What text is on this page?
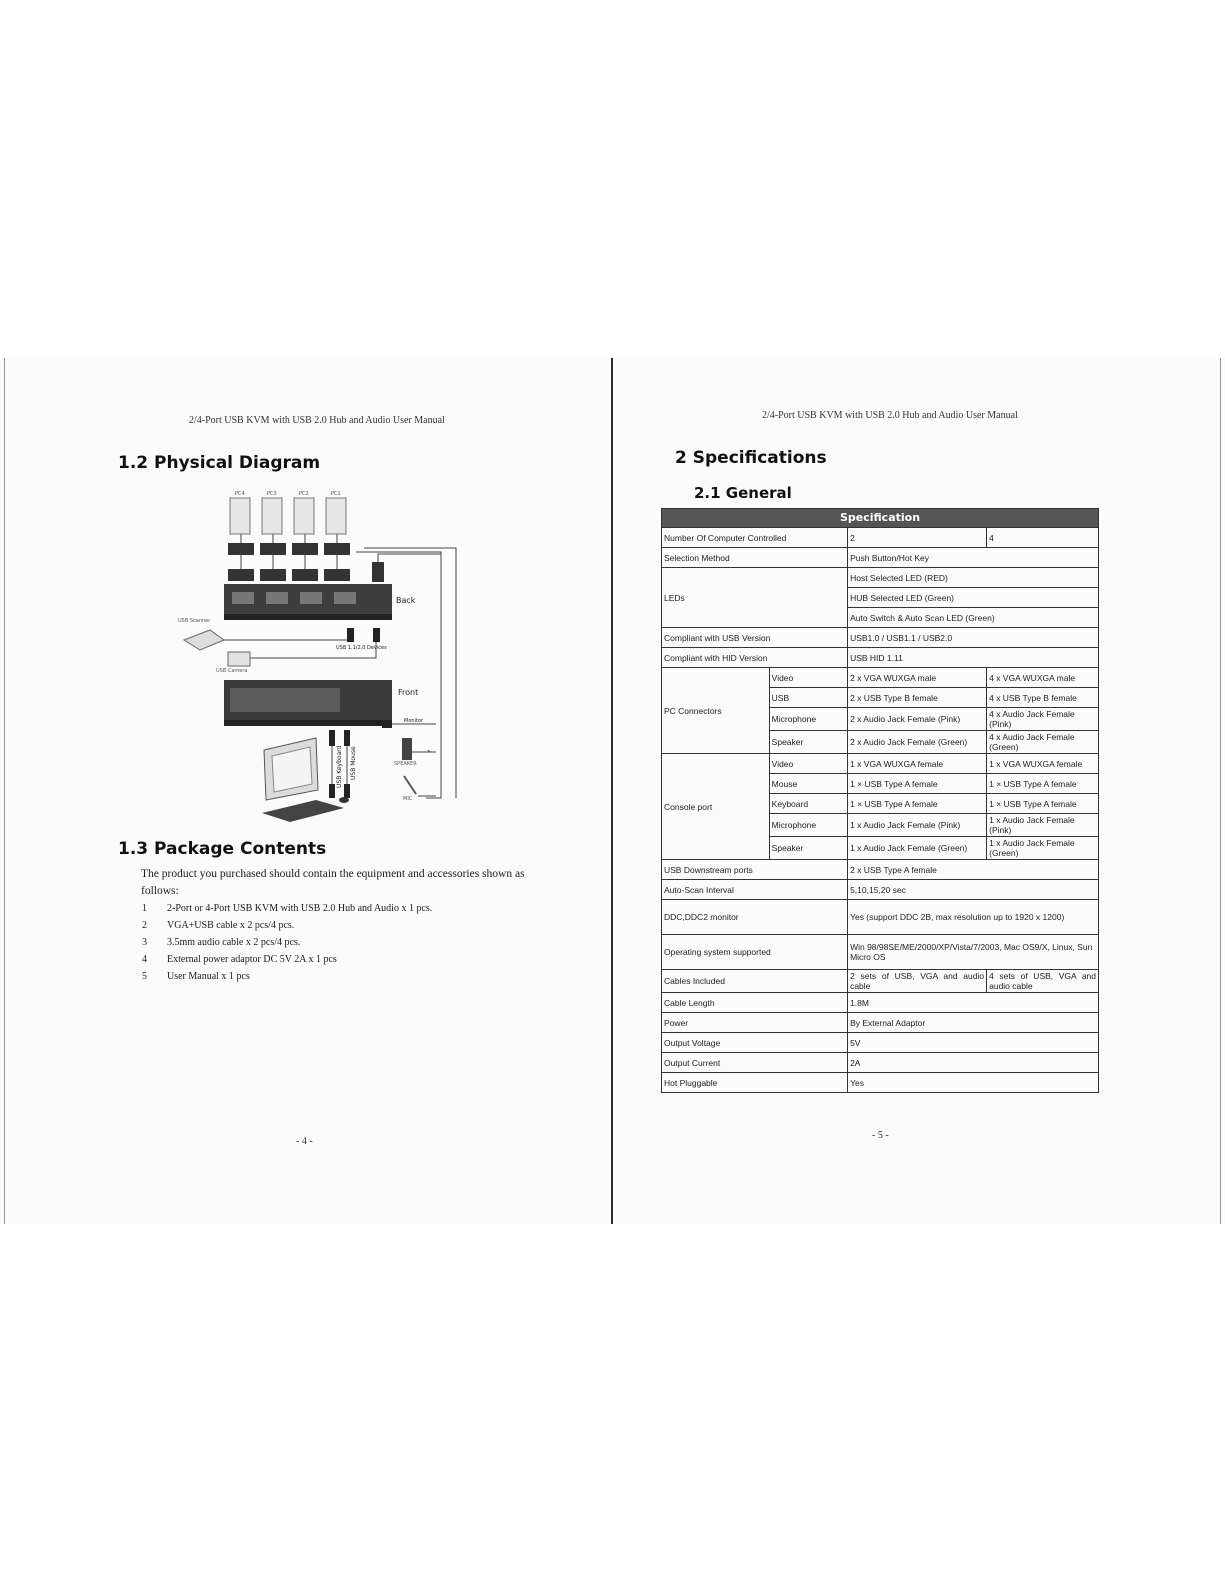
2/4-Port USB KVM with USB 2.0 Hub and Audio User Manual
1.2 Physical Diagram
PC4	PC3	PC2	PC1
Back
Front
USB Scanner
USB Camera
USB 1.1/2.0 Devices
Monitor
SPEAKER
MIC
USB Keyboard USB Mouse
1.3 Package Contents
The product you purchased should contain the equipment and accessories shown as follows:
1	2-Port or 4-Port USB KVM with USB 2.0 Hub and Audio x 1 pcs.
2	VGA+USB cable x 2 pcs/4 pcs.
3	3.5mm audio cable x 2 pcs/4 pcs.
4	External power adaptor DC 5V 2A x 1 pcs
5	User Manual x 1 pcs
- 4 -
2/4-Port USB KVM with USB 2.0 Hub and Audio User Manual
2 Specifications
2.1 General
Specification			
Number Of Computer Controlled		2	4
Selection Method		Push Button/Hot Key	
LEDs		Host Selected LED (RED)	
		HUB Selected LED (Green)	
		Auto Switch & Auto Scan LED (Green)	
Compliant with USB Version		USB1.0 / USB1.1 / USB2.0	
Compliant with HID Version		USB HID 1.11	
PC Connectors	Video	2 x VGA WUXGA male	4 x VGA WUXGA male
	USB	2 x USB Type B female	4 x USB Type B female
	Microphone	2 x Audio Jack Female (Pink)	4 x Audio Jack Female (Pink)
	Speaker	2 x Audio Jack Female (Green)	4 x Audio Jack Female (Green)
Console port	Video	1 x VGA WUXGA female	1 x VGA WUXGA female
	Mouse	1 × USB Type A female	1 × USB Type A female
	Keyboard	1 × USB Type A female	1 × USB Type A female
	Microphone	1 x Audio Jack Female (Pink)	1 x Audio Jack Female (Pink)
	Speaker	1 x Audio Jack Female (Green)	1 x Audio Jack Female (Green)
USB Downstream ports		2 x USB Type A female	
Auto-Scan Interval		5,10,15,20 sec	
DDC,DDC2 monitor		Yes (support DDC 2B, max resolution up to 1920 x 1200)	
Operating system supported		Win 98/98SE/ME/2000/XP/Vista/7/2003, Mac OS9/X, Linux, Sun Micro OS	
Cables Included		2 sets of USB, VGA and audio cable	4 sets of USB, VGA and audio cable
Cable Length		1.8M	
Power		By External Adaptor	
Output Voltage		5V	
Output Current		2A	
Hot Pluggable		Yes	
- 5 -
